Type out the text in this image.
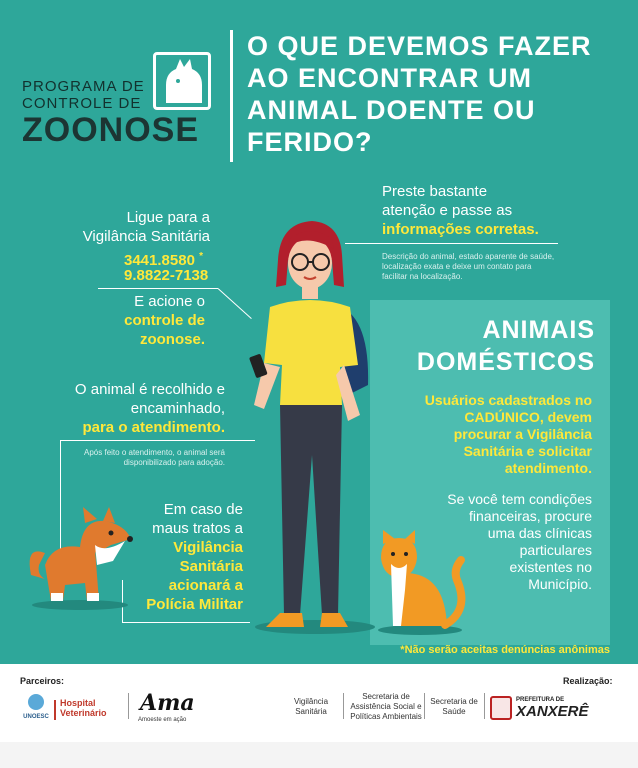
PROGRAMA DE
CONTROLE DE
ZOONOSE
O QUE DEVEMOS FAZER
AO ENCONTRAR UM
ANIMAL DOENTE OU
FERIDO?
Preste bastante
atenção e passe as
informações corretas.
Descrição do animal, estado aparente de saúde, localização exata e deixe um contato para facilitar na localização.
Ligue para a
Vigilância Sanitária
3441.8580 *
9.8822-7138
E acione o
controle de
zoonose.
O animal é recolhido e
encaminhado,
para o atendimento.
Após feito o atendimento, o animal será disponibilizado para adoção.
Em caso de
maus tratos a
Vigilância
Sanitária
acionará a
Polícia Militar
ANIMAIS
DOMÉSTICOS
Usuários cadastrados no
CADÚNICO, devem
procurar a Vigilância
Sanitária e solicitar
atendimento.
Se você tem condições
financeiras, procure
uma das clínicas
particulares
existentes no
Município.
*Não serão aceitas denúncias anônimas
Parceiros:	Realização:
UNOESC
Hospital
Veterinário Ama
Amoeste em ação
Vigilância
Sanitária
Secretaria de
Assistência Social e
Políticas Ambientais
Secretaria de
Saúde
PREFEITURA DE
XANXERÊ
